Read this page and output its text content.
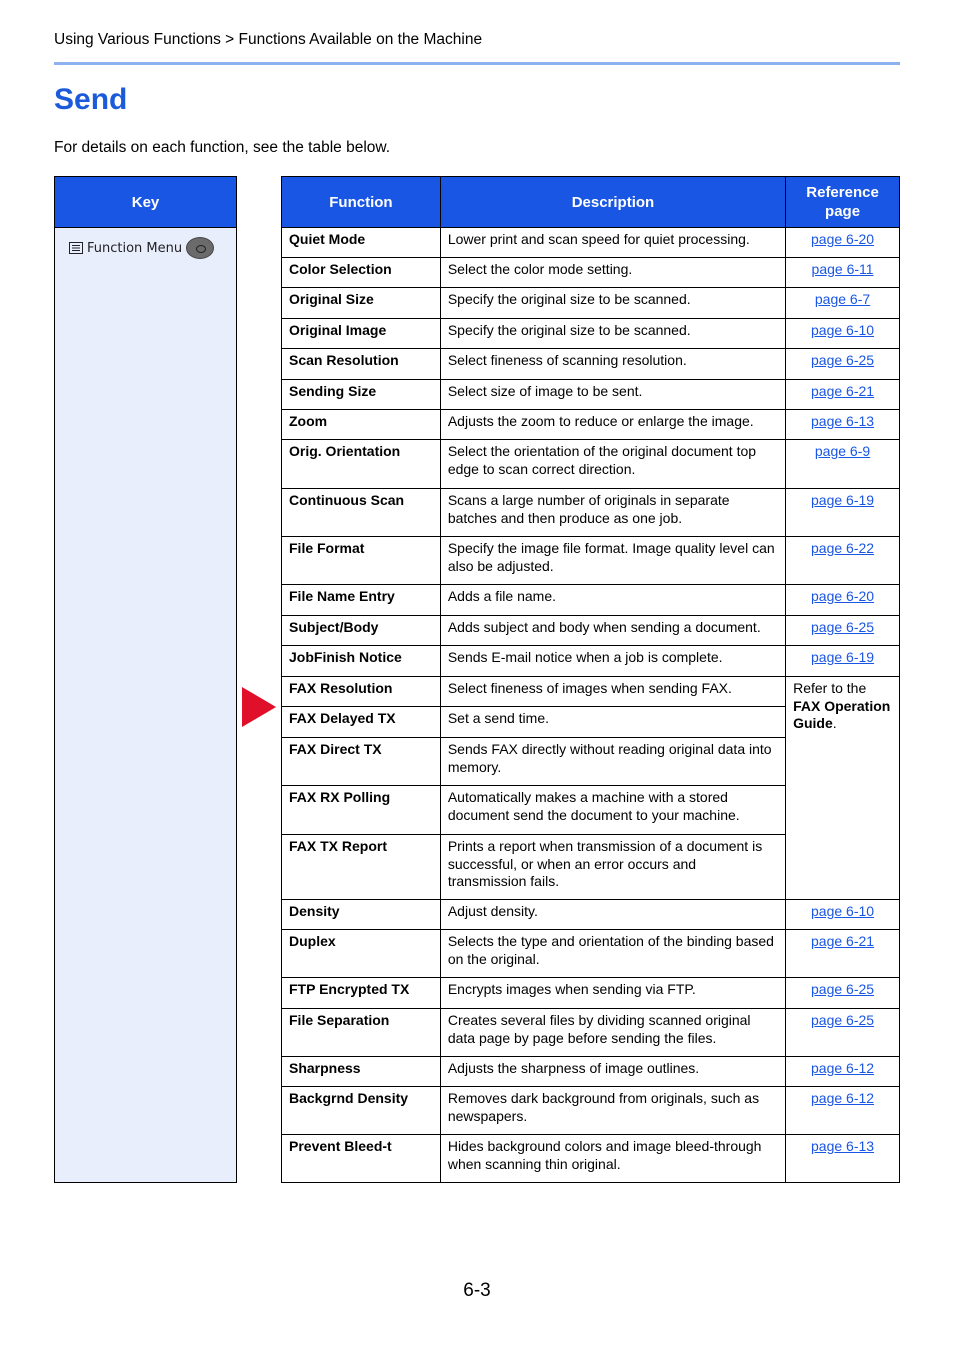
Using Various Functions > Functions Available on the Machine
Send
For details on each function, see the table below.
Key
Function Menu
Function	Description	Reference page
Quiet Mode	Lower print and scan speed for quiet processing.	page 6-20
Color Selection	Select the color mode setting.	page 6-11
Original Size	Specify the original size to be scanned.	page 6-7
Original Image	Specify the original size to be scanned.	page 6-10
Scan Resolution	Select fineness of scanning resolution.	page 6-25
Sending Size	Select size of image to be sent.	page 6-21
Zoom	Adjusts the zoom to reduce or enlarge the image.	page 6-13
Orig. Orientation	Select the orientation of the original document top edge to scan correct direction.	page 6-9
Continuous Scan	Scans a large number of originals in separate batches and then produce as one job.	page 6-19
File Format	Specify the image file format. Image quality level can also be adjusted.	page 6-22
File Name Entry	Adds a file name.	page 6-20
Subject/Body	Adds subject and body when sending a document.	page 6-25
JobFinish Notice	Sends E-mail notice when a job is complete.	page 6-19
FAX Resolution	Select fineness of images when sending FAX.	Refer to the
FAX Operation Guide.
FAX Delayed TX	Set a send time.	
FAX Direct TX	Sends FAX directly without reading original data into memory.	
FAX RX Polling	Automatically makes a machine with a stored document send the document to your machine.	
FAX TX Report	Prints a report when transmission of a document is successful, or when an error occurs and transmission fails.	
Density	Adjust density.	page 6-10
Duplex	Selects the type and orientation of the binding based on the original.	page 6-21
FTP Encrypted TX	Encrypts images when sending via FTP.	page 6-25
File Separation	Creates several files by dividing scanned original data page by page before sending the files.	page 6-25
Sharpness	Adjusts the sharpness of image outlines.	page 6-12
Backgrnd Density	Removes dark background from originals, such as newspapers.	page 6-12
Prevent Bleed-t	Hides background colors and image bleed-through when scanning thin original.	page 6-13
6-3
